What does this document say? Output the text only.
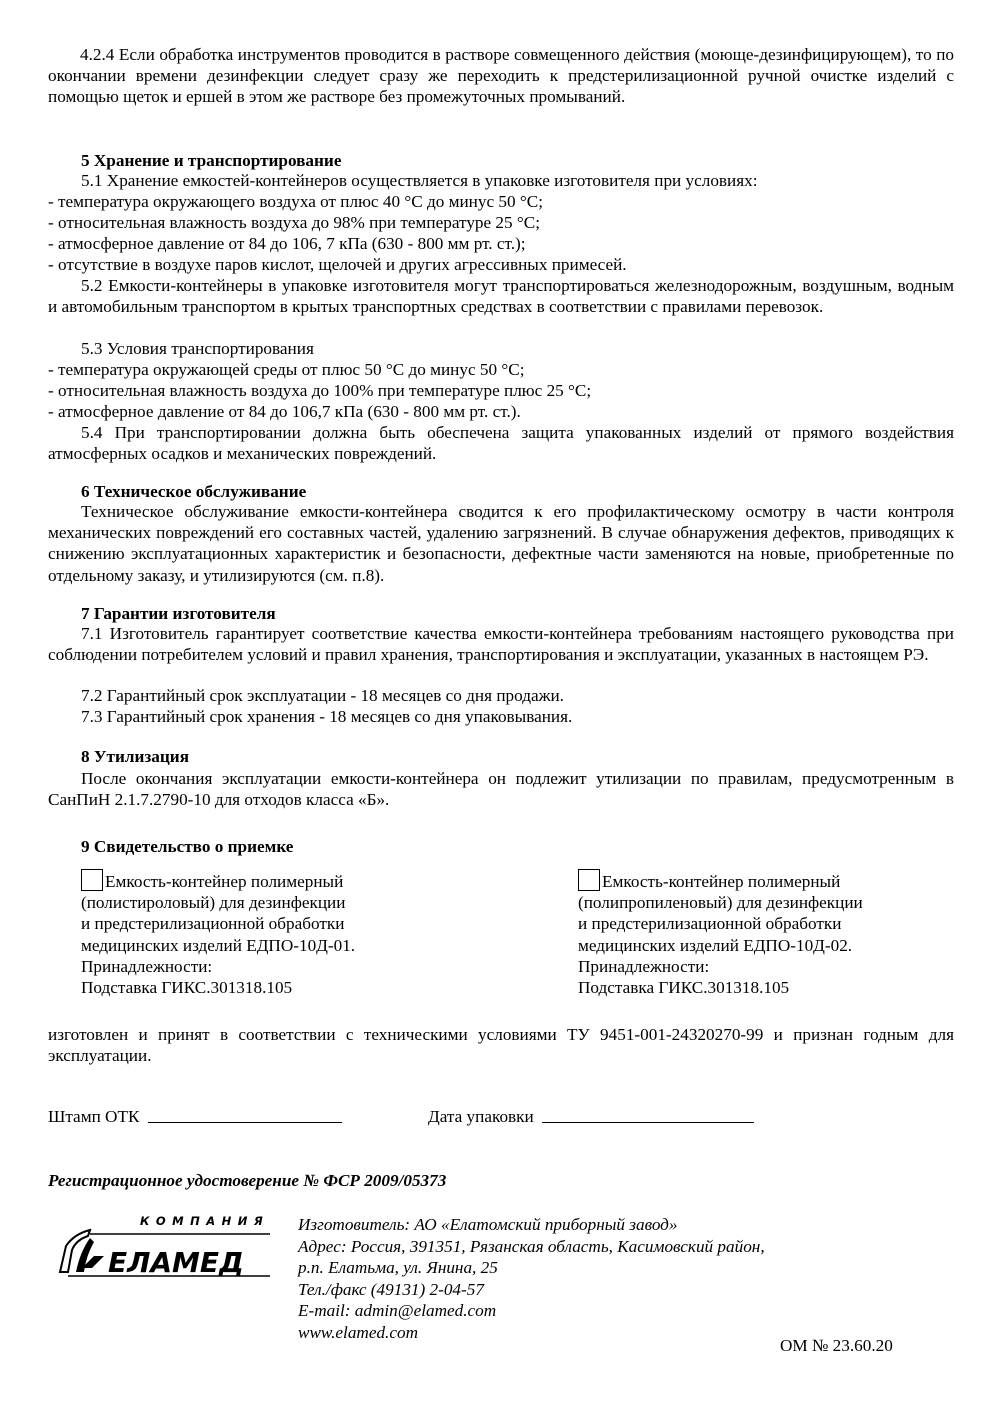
4.2.4 Если обработка инструментов проводится в растворе совмещенного действия (моюще-дезинфицирующем), то по окончании времени дезинфекции следует сразу же переходить к предстерилизационной ручной очистке изделий с помощью щеток и ершей в этом же растворе без промежуточных промываний.

5 Хранение и транспортирование
5.1 Хранение емкостей-контейнеров осуществляется в упаковке изготовителя при условиях:
- температура окружающего воздуха от плюс 40 °С до минус 50 °С;
- относительная влажность воздуха до 98% при температуре 25 °С;
- атмосферное давление от 84 до 106, 7 кПа (630 - 800 мм рт. ст.);
- отсутствие в воздухе паров кислот, щелочей и других агрессивных примесей.

5.2 Емкости-контейнеры в упаковке изготовителя могут транспортироваться железнодорожным, воздушным, водным и автомобильным транспортом в крытых транспортных средствах в соответствии с правилами перевозок.

5.3 Условия транспортирования
- температура окружающей среды от плюс 50 °С до минус 50 °С;
- относительная влажность воздуха до 100% при температуре плюс 25 °С;
- атмосферное давление от 84 до 106,7 кПа (630 - 800 мм рт. ст.).

5.4 При транспортировании должна быть обеспечена защита упакованных изделий от прямого воздействия атмосферных осадков и механических повреждений.

6 Техническое обслуживание

Техническое обслуживание емкости-контейнера сводится к его профилактическому осмотру в части контроля механических повреждений его составных частей, удалению загрязнений. В случае обнаружения дефектов, приводящих к снижению эксплуатационных характеристик и безопасности, дефектные части заменяются на новые, приобретенные по отдельному заказу, и утилизируются (см. п.8).

7 Гарантии изготовителя

7.1 Изготовитель гарантирует соответствие качества емкости-контейнера требованиям настоящего руководства при соблюдении потребителем условий и правил хранения, транспортирования и эксплуатации, указанных в настоящем РЭ.

7.2 Гарантийный срок эксплуатации - 18 месяцев со дня продажи.
7.3 Гарантийный срок хранения - 18 месяцев со дня упаковывания.
8 Утилизация

После окончания эксплуатации емкости-контейнера он подлежит утилизации по правилам, предусмотренным в СанПиН 2.1.7.2790-10 для отходов класса «Б».

9 Свидетельство о приемке
Емкость-контейнер полимерный
(полистироловый) для дезинфекции
и предстерилизационной обработки
медицинских изделий ЕДПО-10Д-01.
Принадлежности:
Подставка ГИКС.301318.105
Емкость-контейнер полимерный
(полипропиленовый) для дезинфекции
и предстерилизационной обработки
медицинских изделий ЕДПО-10Д-02.
Принадлежности:
Подставка ГИКС.301318.105

изготовлен и принят в соответствии с техническими условиями ТУ 9451-001-24320270-99 и признан годным для эксплуатации.

Штамп ОТК	Дата упаковки
Регистрационное удостоверение № ФСР 2009/05373
КОМПАНИЯ
ЕЛАМЕД
Изготовитель: АО «Елатомский приборный завод»
Адрес: Россия, 391351, Рязанская область, Касимовский район,
р.п. Елатьма, ул. Янина, 25
Тел./факс (49131) 2-04-57
E-mail: admin@elamed.com
www.elamed.com
ОМ № 23.60.20
